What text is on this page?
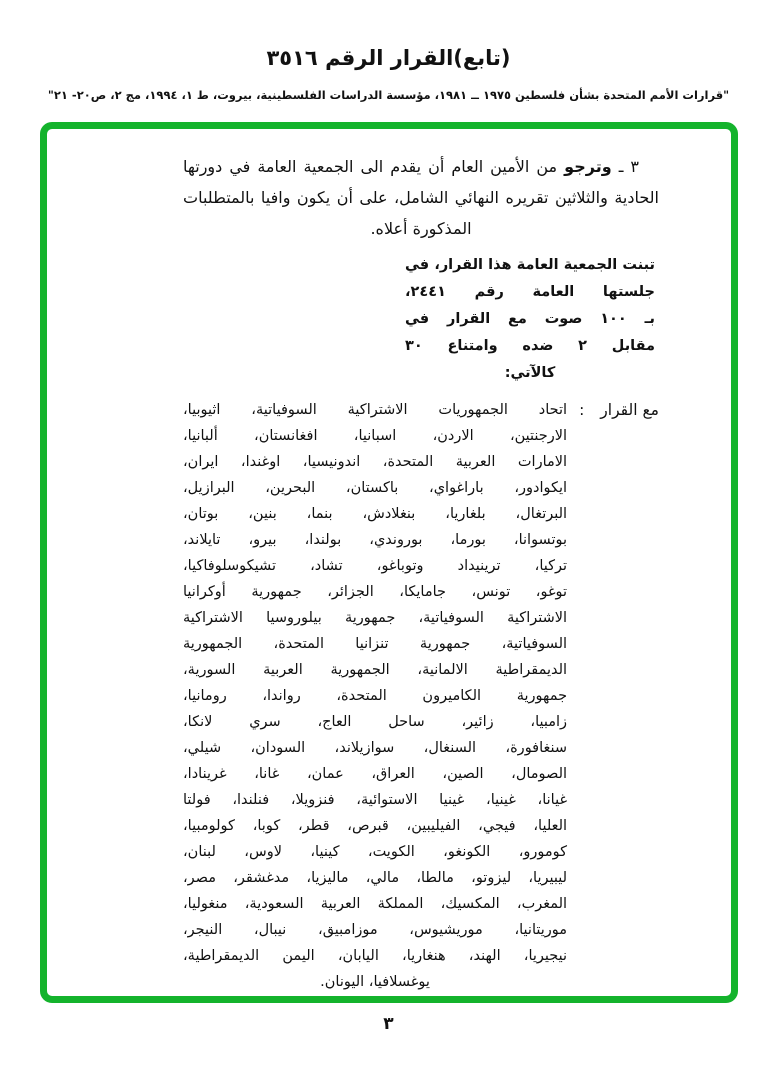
(تابع)القرار الرقم ٣٥١٦
"قرارات الأمم المتحدة بشأن فلسطين ١٩٧٥ ــ ١٩٨١، مؤسسة الدراسات الفلسطينية، بيروت، ط ١، ١٩٩٤، مج ٢، ص٢٠- ٢١"
٣ ـ وترجو من الأمين العام أن يقدم الى الجمعية العامة في دورتها
الحادية والثلاثين تقريره النهائي الشامل، على أن يكون وافيا بالمتطلبات
المذكورة أعلاه.
تبنت الجمعية العامة هذا القرار، في
جلستها العامة رقم ٢٤٤١،
بـ ١٠٠ صوت مع القرار في
مقابل ٢ ضده وامتناع ٣٠
كالآتي:
مع القرار
:
اتحاد الجمهوريات الاشتراكية السوفياتية، اثيوبيا،
الارجنتين، الاردن، اسبانيا، افغانستان، ألبانيا،
الامارات العربية المتحدة، اندونيسيا، اوغندا، ايران،
ايكوادور، باراغواي، باكستان، البحرين، البرازيل،
البرتغال، بلغاريا، بنغلادش، بنما، بنين، بوتان،
بوتسوانا، بورما، بوروندي، بولندا، بيرو، تايلاند،
تركيا، ترينيداد وتوباغو، تشاد، تشيكوسلوفاكيا،
توغو، تونس، جامايكا، الجزائر، جمهورية أوكرانيا
الاشتراكية السوفياتية، جمهورية بيلوروسيا الاشتراكية
السوفياتية، جمهورية تنزانيا المتحدة، الجمهورية
الديمقراطية الالمانية، الجمهورية العربية السورية،
جمهورية الكاميرون المتحدة، رواندا، رومانيا،
زامبيا، زائير، ساحل العاج، سري لانكا،
سنغافورة، السنغال، سوازيلاند، السودان، شيلي،
الصومال، الصين، العراق، عمان، غانا، غرينادا،
غيانا، غينيا، غينيا الاستوائية، فنزويلا، فنلندا، فولتا
العليا، فيجي، الفيليبين، قبرص، قطر، كوبا، كولومبيا،
كومورو، الكونغو، الكويت، كينيا، لاوس، لبنان،
ليبيريا، ليزوتو، مالطا، مالي، ماليزيا، مدغشقر، مصر،
المغرب، المكسيك، المملكة العربية السعودية، منغوليا،
موريتانيا، موريشيوس، موزامبيق، نيبال، النيجر،
نيجيريا، الهند، هنغاريا، اليابان، اليمن الديمقراطية،
يوغسلافيا، اليونان.
٣
